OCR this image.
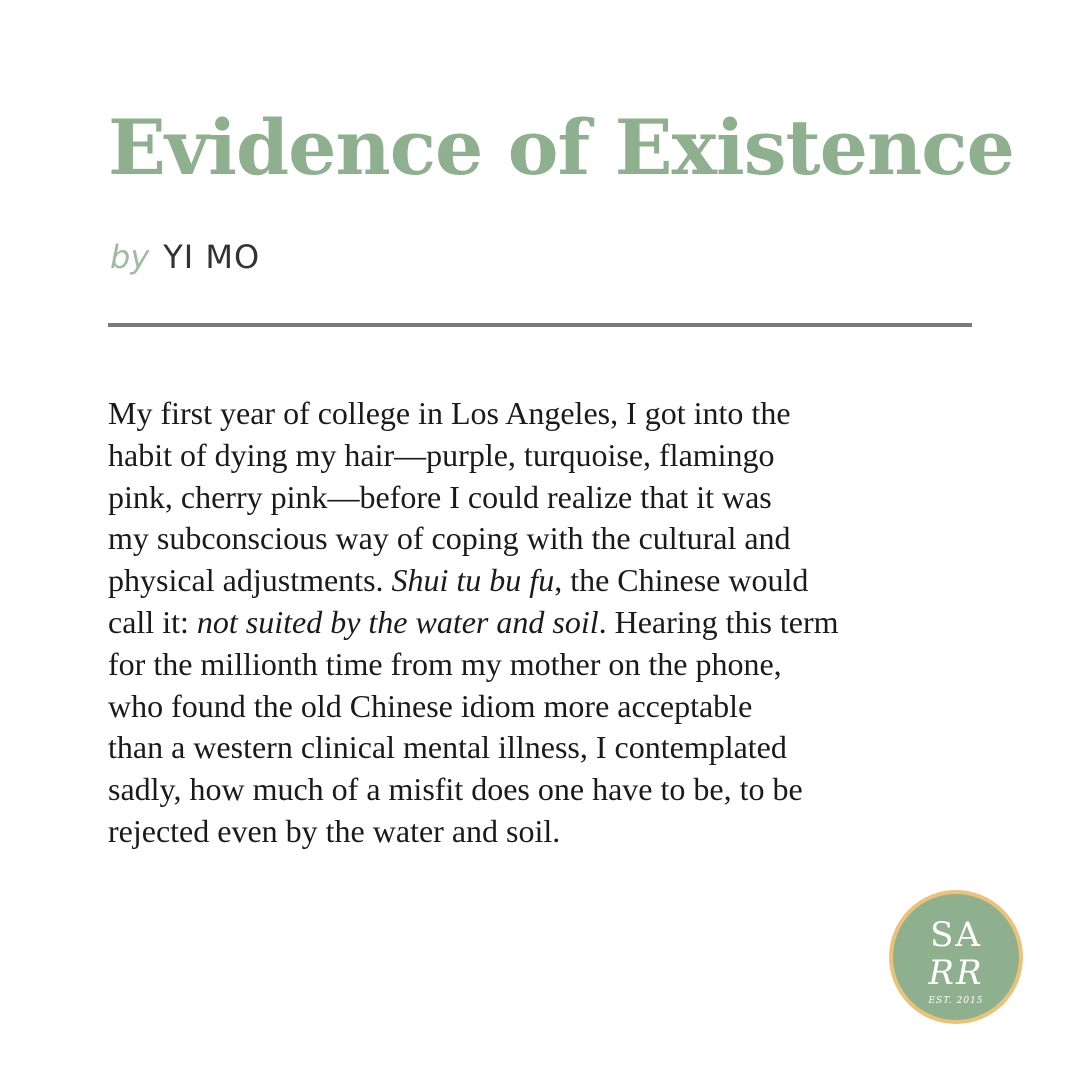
Evidence of Existence
by YI MO

My first year of college in Los Angeles, I got into the
habit of dying my hair—purple, turquoise, flamingo
pink, cherry pink—before I could realize that it was
my subconscious way of coping with the cultural and
physical adjustments. Shui tu bu fu, the Chinese would
call it: not suited by the water and soil. Hearing this term
for the millionth time from my mother on the phone,
who found the old Chinese idiom more acceptable
than a western clinical mental illness, I contemplated
sadly, how much of a misfit does one have to be, to be
rejected even by the water and soil.

SA
RR
EST. 2015
